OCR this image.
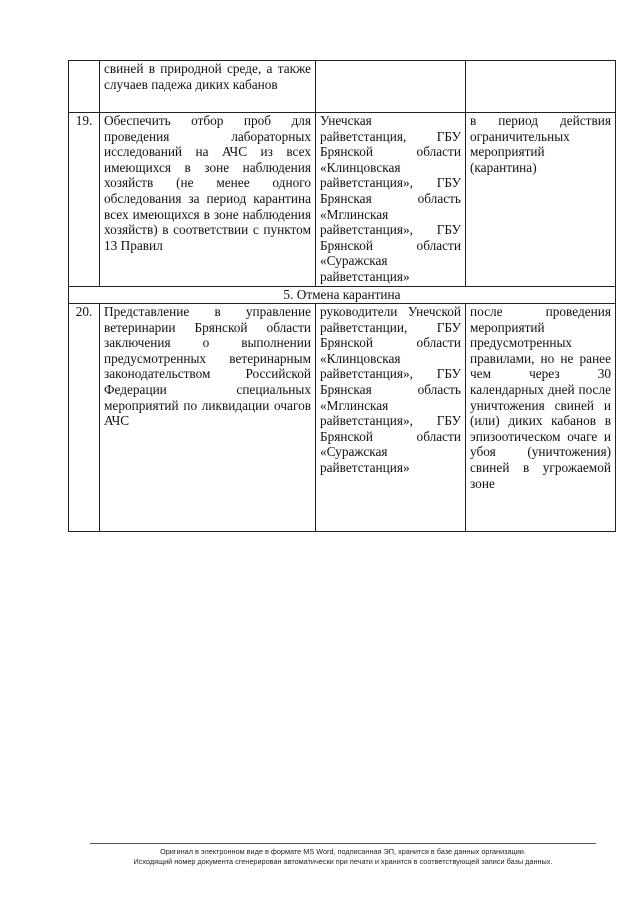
	свиней в природной среде, а также случаев падежа диких кабанов		
19.	Обеспечить отбор проб для проведения лабораторных исследований на АЧС из всех имеющихся в зоне наблюдения хозяйств (не менее одного обследования за период карантина всех имеющихся в зоне наблюдения хозяйств) в соответствии с пунктом 13 Правил	Унечская райветстанция, ГБУ Брянской области «Клинцовская райветстанция», ГБУ Брянская область «Мглинская райветстанция», ГБУ Брянской области «Суражская райветстанция»	в период действия ограничительных мероприятий (карантина)
5. Отмена карантина			
20.	Представление в управление ветеринарии Брянской области заключения о выполнении предусмотренных ветеринарным законодательством Российской Федерации специальных мероприятий по ликвидации очагов АЧС	руководители Унечской райветстанции, ГБУ Брянской области «Клинцовская райветстанция», ГБУ Брянская область «Мглинская райветстанция», ГБУ Брянской области «Суражская райветстанция»	после проведения мероприятий предусмотренных правилами, но не ранее чем через 30 календарных дней после уничтожения свиней и (или) диких кабанов в эпизоотическом очаге и убоя (уничтожения) свиней в угрожаемой зоне
Оригинал в электронном виде в формате MS Word, подписанная ЭП, хранится в базе данных организации.
Исходящий номер документа сгенерирован автоматически при печати и хранится в соответствующей записи базы данных.
